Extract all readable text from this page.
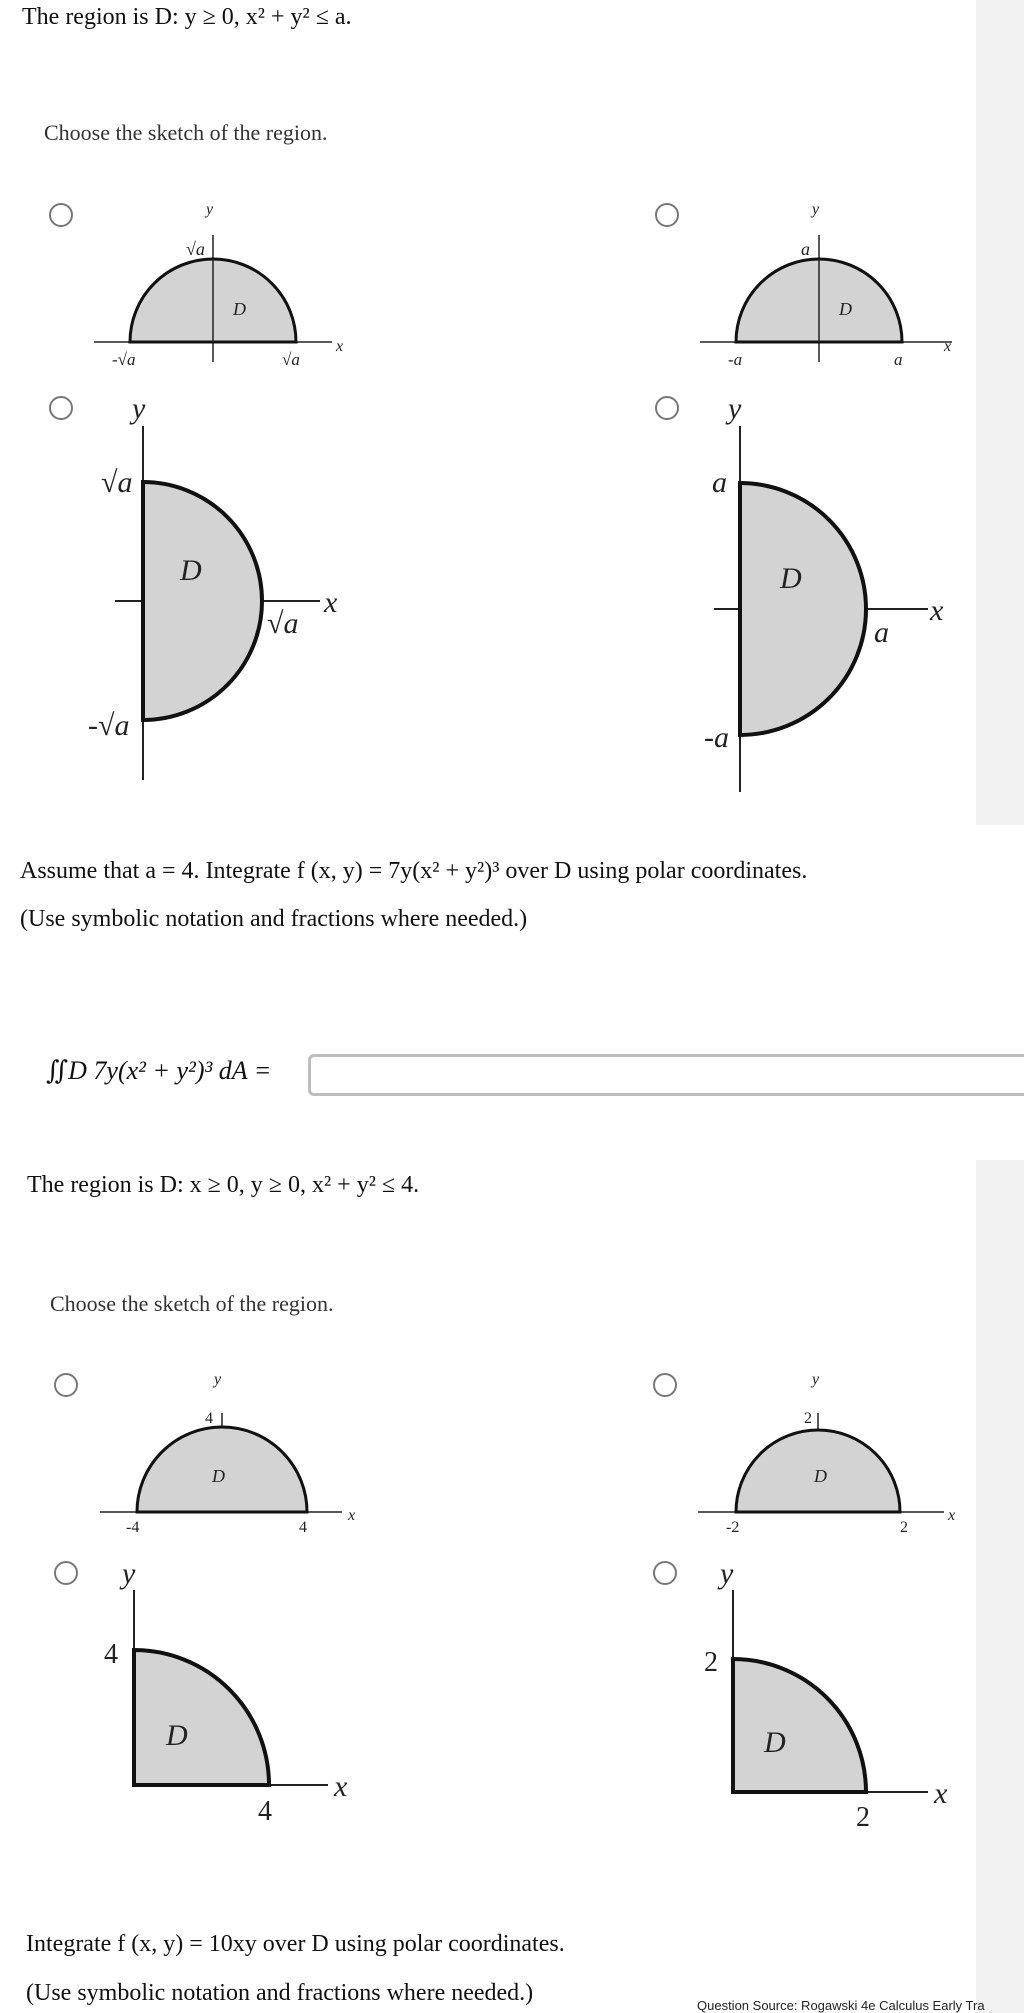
The region is D: y ≥ 0, x² + y² ≤ a.
Choose the sketch of the region.
y
√a
D
-√a	√a
x
y
a
D
-a	a
x
y
√a
D
√a
x
-√a
y
a
D
a
x
-a
Assume that a = 4. Integrate f (x, y) = 7y(x² + y²)³ over D using polar coordinates.
(Use symbolic notation and fractions where needed.)
∬D 7y(x² + y²)³ dA =
The region is D: x ≥ 0, y ≥ 0, x² + y² ≤ 4.
Choose the sketch of the region.
y
4
D
-4	4
x
y
2
D
-2	2
x
y
4
D
4
x
y
2
D
2
x
Integrate f (x, y) = 10xy over D using polar coordinates.
(Use symbolic notation and fractions where needed.)	Question Source: Rogawski 4e Calculus Early Tra
